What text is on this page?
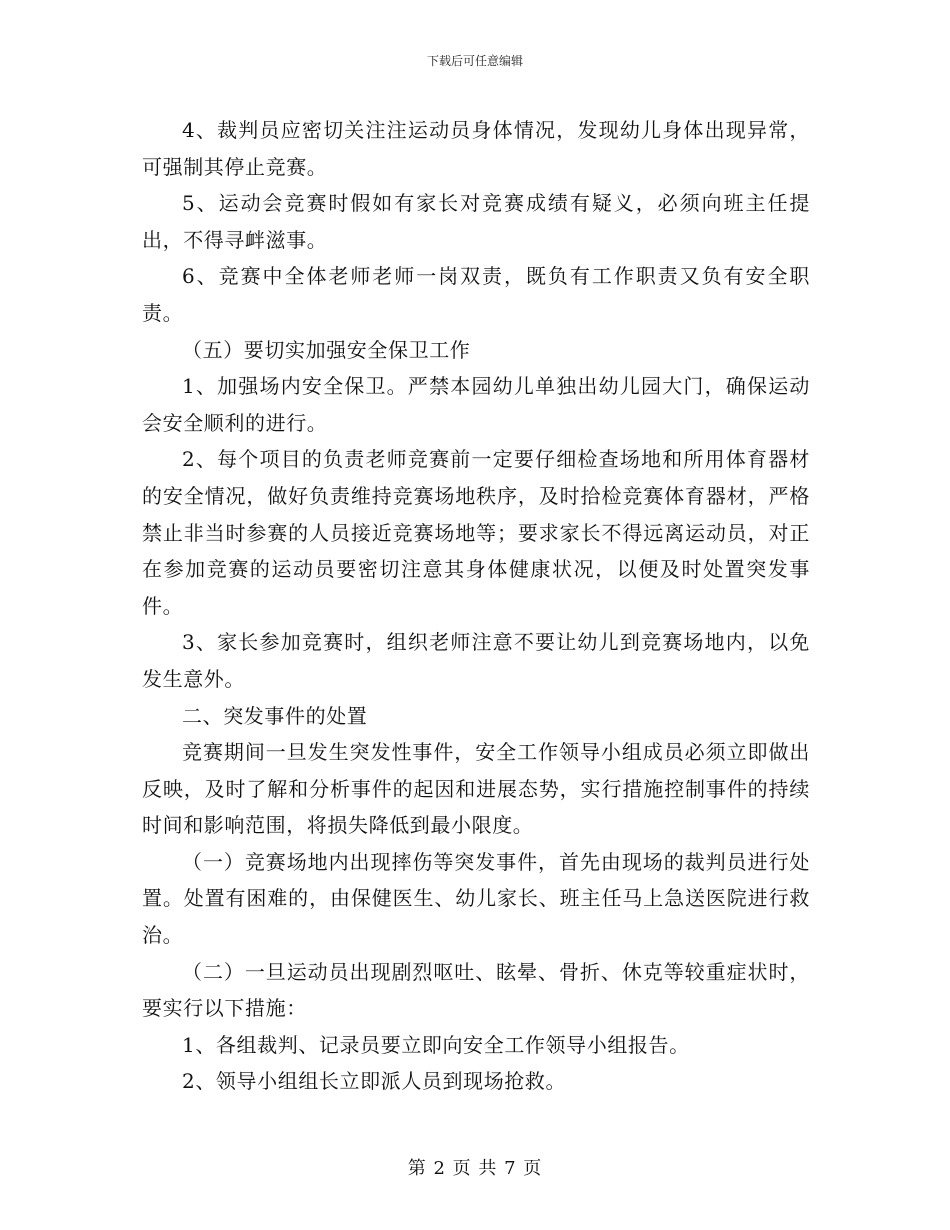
下载后可任意编辑

4、裁判员应密切关注注运动员身体情况，发现幼儿身体出现异常，可强制其停止竞赛。

5、运动会竞赛时假如有家长对竞赛成绩有疑义，必须向班主任提出，不得寻衅滋事。

6、竞赛中全体老师老师一岗双责，既负有工作职责又负有安全职责。

（五）要切实加强安全保卫工作

1、加强场内安全保卫。严禁本园幼儿单独出幼儿园大门，确保运动会安全顺利的进行。

2、每个项目的负责老师竞赛前一定要仔细检查场地和所用体育器材的安全情况，做好负责维持竞赛场地秩序，及时拾检竞赛体育器材，严格禁止非当时参赛的人员接近竞赛场地等；要求家长不得远离运动员，对正在参加竞赛的运动员要密切注意其身体健康状况，以便及时处置突发事件。

3、家长参加竞赛时，组织老师注意不要让幼儿到竞赛场地内，以免发生意外。

二、突发事件的处置

竞赛期间一旦发生突发性事件，安全工作领导小组成员必须立即做出反映，及时了解和分析事件的起因和进展态势，实行措施控制事件的持续时间和影响范围，将损失降低到最小限度。

（一）竞赛场地内出现摔伤等突发事件，首先由现场的裁判员进行处置。处置有困难的，由保健医生、幼儿家长、班主任马上急送医院进行救治。

（二）一旦运动员出现剧烈呕吐、眩晕、骨折、休克等较重症状时，要实行以下措施：

1、各组裁判、记录员要立即向安全工作领导小组报告。

2、领导小组组长立即派人员到现场抢救。

第 2 页 共 7 页
